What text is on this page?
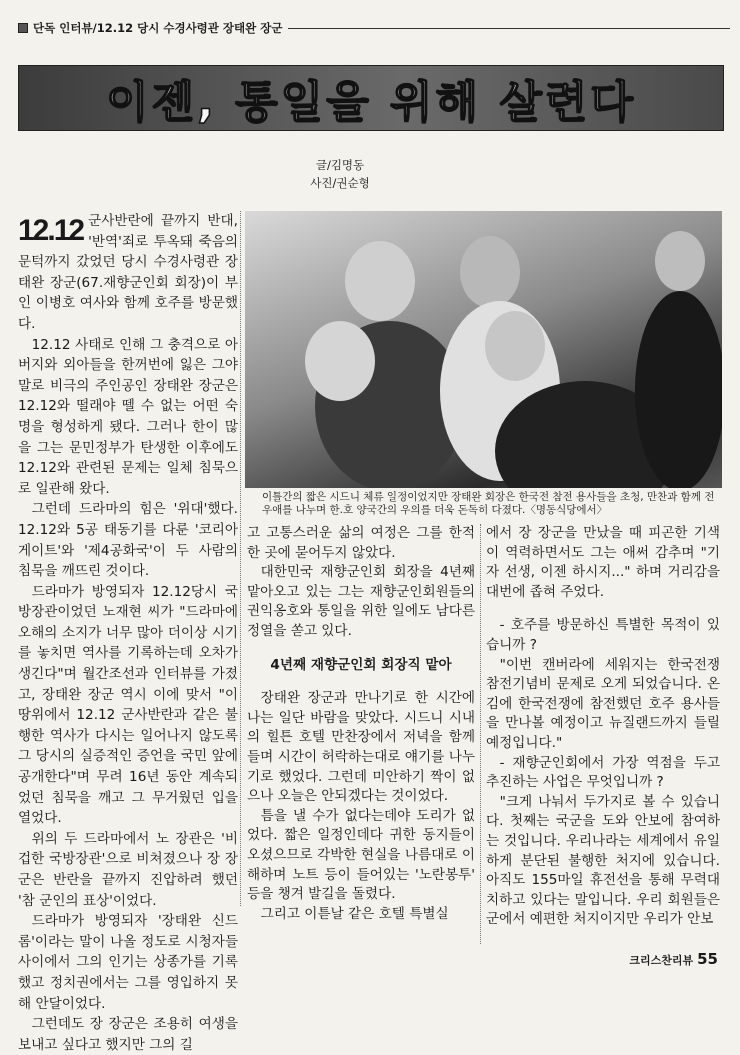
단독 인터뷰/12.12 당시 수경사령관 장태완 장군
이젠, 통일을 위해 살련다
글/김명동
사진/권순형
이틀간의 짧은 시드니 체류 일정이었지만 장태완 회장은 한국전 참전 용사들을 초청, 만찬과 함께 전우애를 나누며 한.호 양국간의 우의를 더욱 돈독히 다졌다.〈명동식당에서〉

12.12 군사반란에 끝까지 반대, '반역'죄로 투옥돼 죽음의 문턱까지 갔었던 당시 수경사령관 장태완 장군(67.재향군인회 회장)이 부인 이병호 여사와 함께 호주를 방문했다.

12.12 사태로 인해 그 충격으로 아버지와 외아들을 한꺼번에 잃은 그야말로 비극의 주인공인 장태완 장군은 12.12와 떨래야 뗄 수 없는 어떤 숙명을 형성하게 됐다. 그러나 한이 많을 그는 문민정부가 탄생한 이후에도 12.12와 관련된 문제는 일체 침묵으로 일관해 왔다.

그런데 드라마의 힘은 '위대'했다. 12.12와 5공 태동기를 다룬 '코리아게이트'와 '제4공화국'이 두 사람의 침묵을 깨뜨린 것이다.

드라마가 방영되자 12.12당시 국방장관이었던 노재현 씨가 "드라마에 오해의 소지가 너무 많아 더이상 시기를 놓치면 역사를 기록하는데 오차가 생긴다"며 월간조선과 인터뷰를 가졌고, 장태완 장군 역시 이에 맞서 "이 땅위에서 12.12 군사반란과 같은 불행한 역사가 다시는 일어나지 않도록 그 당시의 실증적인 증언을 국민 앞에 공개한다"며 무려 16년 동안 계속되었던 침묵을 깨고 그 무거웠던 입을 열었다.

위의 두 드라마에서 노 장관은 '비겁한 국방장관'으로 비쳐졌으나 장 장군은 반란을 끝까지 진압하려 했던 '참 군인의 표상'이었다.

드라마가 방영되자 '장태완 신드롬'이라는 말이 나올 정도로 시청자들 사이에서 그의 인기는 상종가를 기록했고 정치권에서는 그를 영입하지 못해 안달이었다.

그런데도 장 장군은 조용히 여생을 보내고 싶다고 했지만 그의 길

고 고통스러운 삶의 여정은 그를 한적한 곳에 묻어두지 않았다.

대한민국 재향군인회 회장을 4년째 맡아오고 있는 그는 재향군인회원들의 권익옹호와 통일을 위한 일에도 남다른 정열을 쏟고 있다.

4년째 재향군인회 회장직 맡아

장태완 장군과 만나기로 한 시간에 나는 일단 바람을 맞았다. 시드니 시내의 힐튼 호텔 만찬장에서 저녁을 함께 들며 시간이 허락하는대로 얘기를 나누기로 했었다. 그런데 미안하기 짝이 없으나 오늘은 안되겠다는 것이었다.

틈을 낼 수가 없다는데야 도리가 없었다. 짧은 일정인데다 귀한 동지들이 오셨으므로 각박한 현실을 나름대로 이해하며 노트 등이 들어있는 '노란봉투' 등을 챙겨 발길을 돌렸다.

그리고 이튿날 같은 호텔 특별실

에서 장 장군을 만났을 때 피곤한 기색이 역력하면서도 그는 애써 감추며 "기자 선생, 이젠 하시지..." 하며 거리감을 대번에 좁혀 주었다.

- 호주를 방문하신 특별한 목적이 있습니까 ?

"이번 캔버라에 세워지는 한국전쟁 참전기념비 문제로 오게 되었습니다. 온김에 한국전쟁에 참전했던 호주 용사들을 만나볼 예정이고 뉴질랜드까지 들릴 예정입니다."

- 재향군인회에서 가장 역점을 두고 추진하는 사업은 무엇입니까 ?

"크게 나눠서 두가지로 볼 수 있습니다. 첫째는 국군을 도와 안보에 참여하는 것입니다. 우리나라는 세계에서 유일하게 분단된 불행한 처지에 있습니다. 아직도 155마일 휴전선을 통해 무력대치하고 있다는 말입니다. 우리 회원들은 군에서 예편한 처지이지만 우리가 안보

크리스찬리뷰 55
